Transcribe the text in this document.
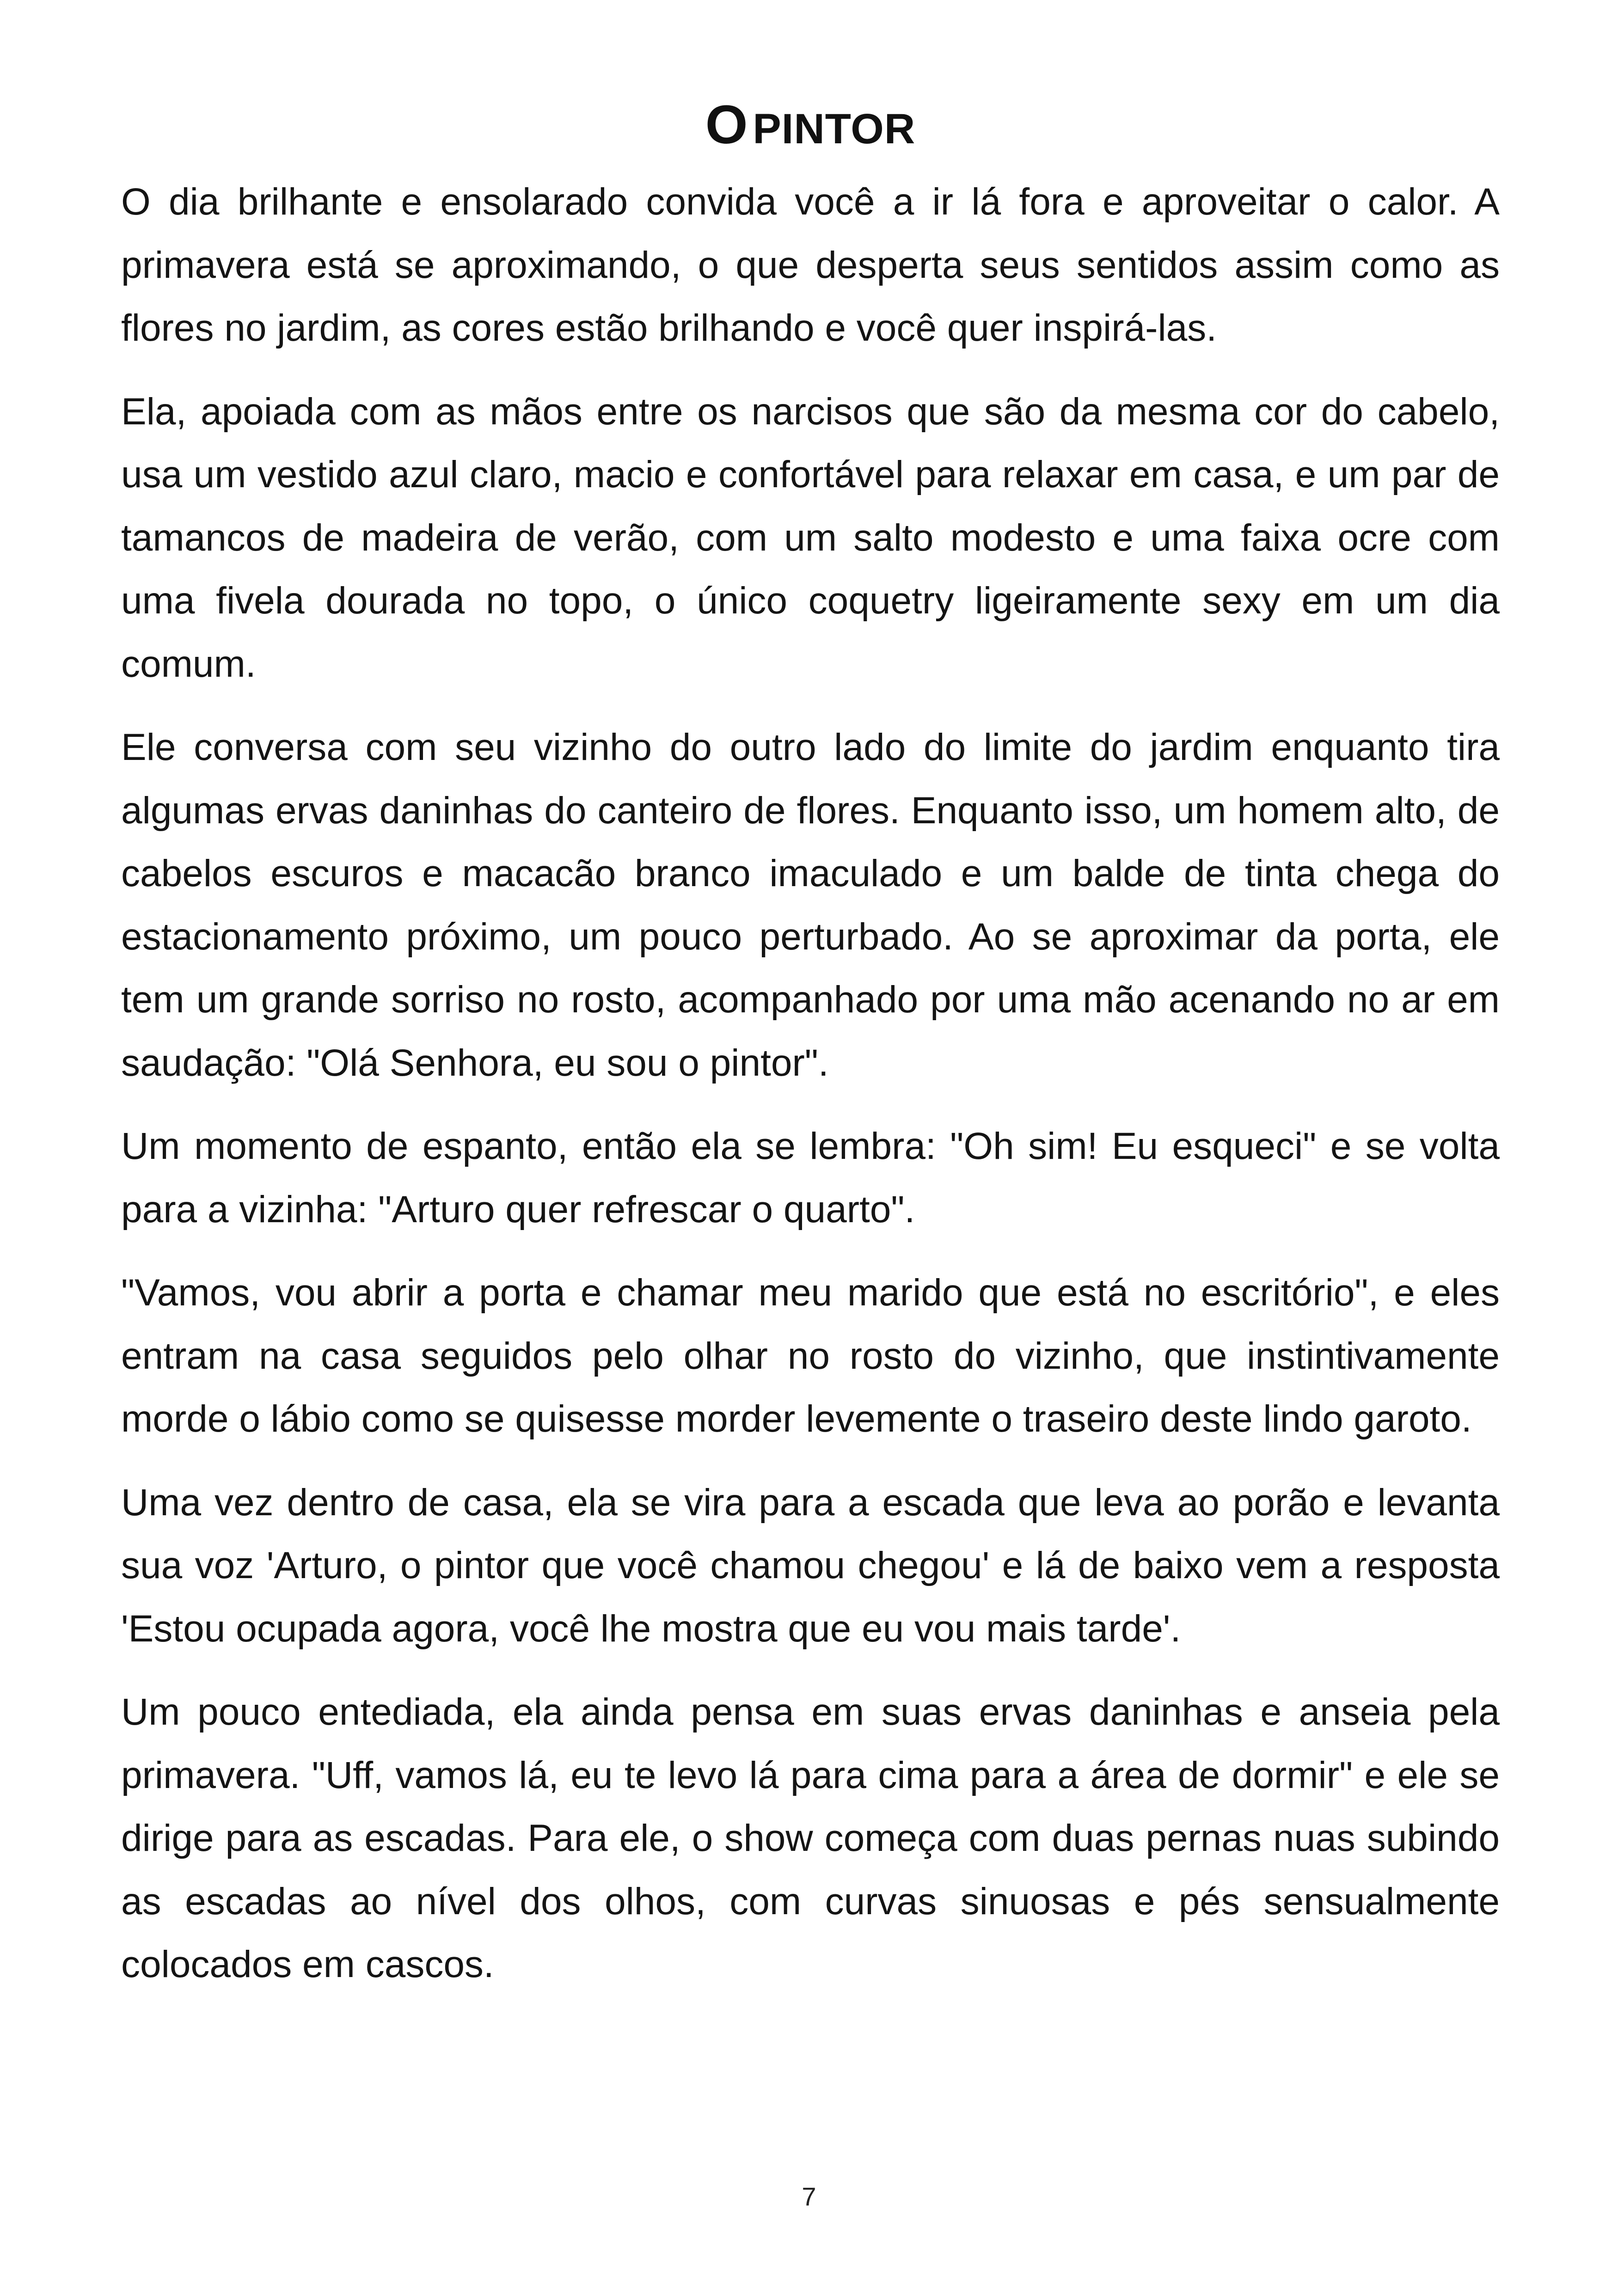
O PINTOR

O dia brilhante e ensolarado convida você a ir lá fora e aproveitar o calor. A primavera está se aproximando, o que desperta seus sentidos assim como as flores no jardim, as cores estão brilhando e você quer inspirá-las.

Ela, apoiada com as mãos entre os narcisos que são da mesma cor do cabelo, usa um vestido azul claro, macio e confortável para relaxar em casa, e um par de tamancos de madeira de verão, com um salto modesto e uma faixa ocre com uma fivela dourada no topo, o único coquetry ligeiramente sexy em um dia comum.

Ele conversa com seu vizinho do outro lado do limite do jardim enquanto tira algumas ervas daninhas do canteiro de flores. Enquanto isso, um homem alto, de cabelos escuros e macacão branco imaculado e um balde de tinta chega do estacionamento próximo, um pouco perturbado. Ao se aproximar da porta, ele tem um grande sorriso no rosto, acompanhado por uma mão acenando no ar em saudação: "Olá Senhora, eu sou o pintor".

Um momento de espanto, então ela se lembra: "Oh sim! Eu esqueci" e se volta para a vizinha: "Arturo quer refrescar o quarto".

"Vamos, vou abrir a porta e chamar meu marido que está no escritório", e eles entram na casa seguidos pelo olhar no rosto do vizinho, que instintivamente morde o lábio como se quisesse morder levemente o traseiro deste lindo garoto.

Uma vez dentro de casa, ela se vira para a escada que leva ao porão e levanta sua voz 'Arturo, o pintor que você chamou chegou' e lá de baixo vem a resposta 'Estou ocupada agora, você lhe mostra que eu vou mais tarde'.

Um pouco entediada, ela ainda pensa em suas ervas daninhas e anseia pela primavera. "Uff, vamos lá, eu te levo lá para cima para a área de dormir" e ele se dirige para as escadas. Para ele, o show começa com duas pernas nuas subindo as escadas ao nível dos olhos, com curvas sinuosas e pés sensualmente colocados em cascos.

7
